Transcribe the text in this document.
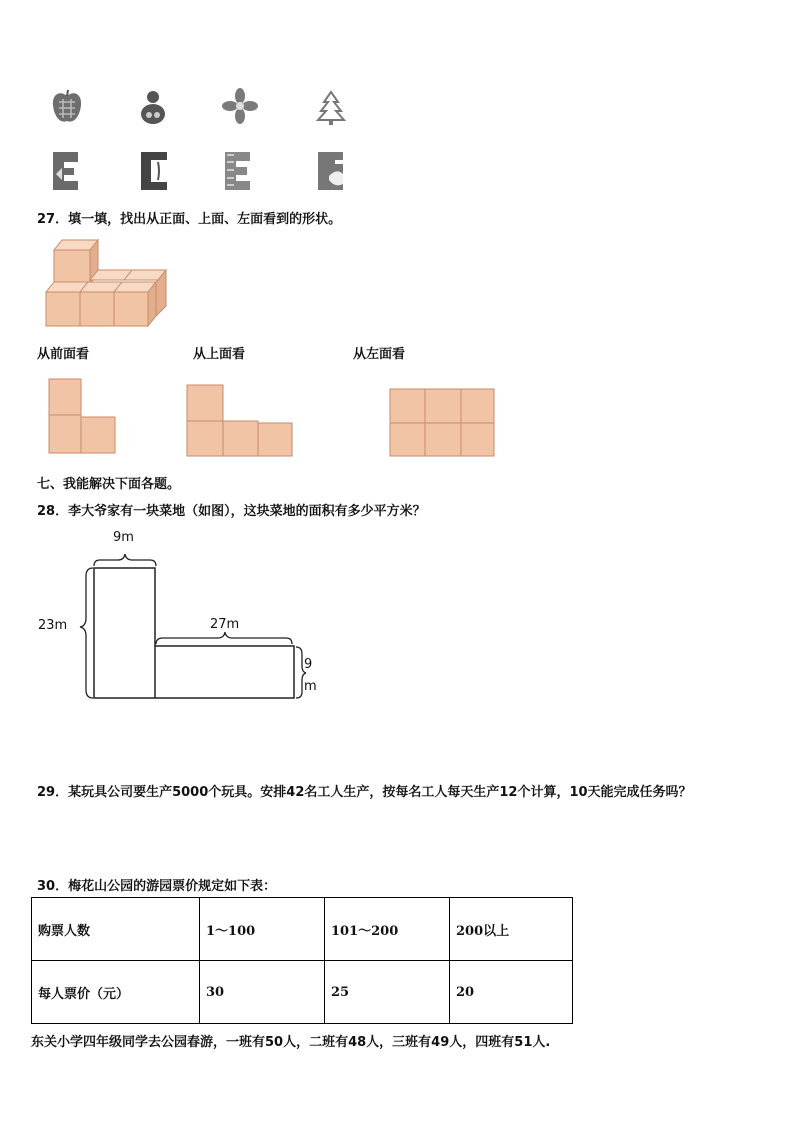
27．填一填，找出从正面、上面、左面看到的形状。
从前面看	从上面看	从左面看
七、我能解决下面各题。
28．李大爷家有一块菜地（如图），这块菜地的面积有多少平方米？
9m
23m	27m
9
m
29．某玩具公司要生产5000个玩具。安排42名工人生产，按每名工人每天生产12个计算，10天能完成任务吗？
30．梅花山公园的游园票价规定如下表：
购票人数	1～100	101～200	200以上
每人票价（元）	30	25	20
东关小学四年级同学去公园春游，一班有50人，二班有48人，三班有49人，四班有51人.
